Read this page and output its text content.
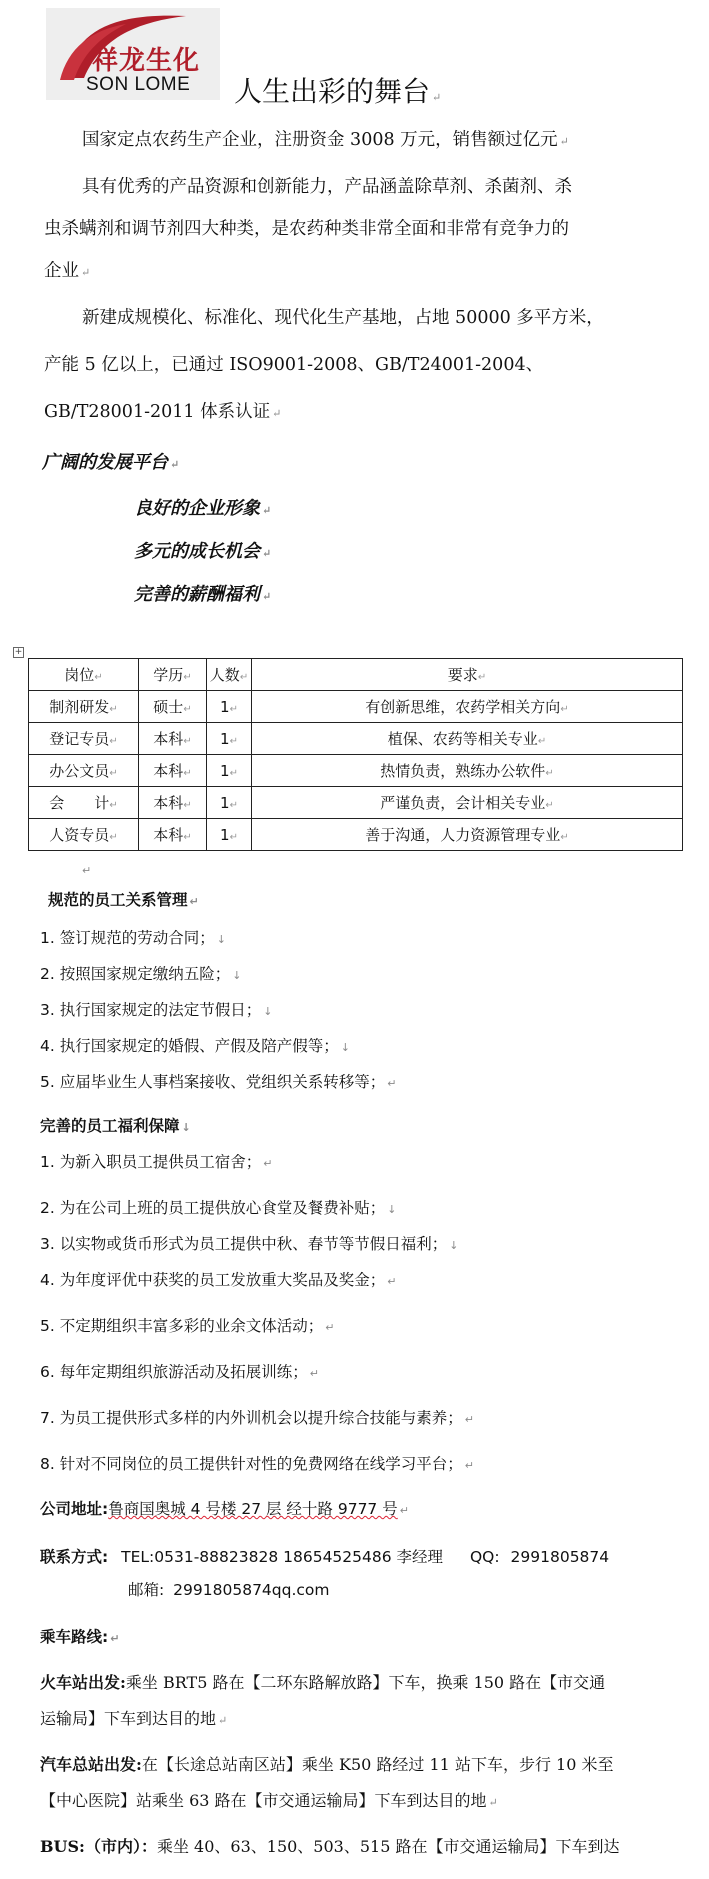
祥龙生化
SON LOME 人生出彩的舞台 ↵
国家定点农药生产企业，注册资金 3008 万元，销售额过亿元 ↵
具有优秀的产品资源和创新能力，产品涵盖除草剂、杀菌剂、杀
虫杀螨剂和调节剂四大种类，是农药种类非常全面和非常有竞争力的
企业 ↵
新建成规模化、标准化、现代化生产基地，占地 50000 多平方米，
产能 5 亿以上，已通过 ISO9001-2008、GB/T24001-2004、
GB/T28001-2011 体系认证 ↵
广阔的发展平台 ↵
良好的企业形象 ↵
多元的成长机会 ↵
完善的薪酬福利 ↵
+
岗位↵	学历↵	人数↵	要求↵
制剂研发↵	硕士↵	1↵	有创新思维，农药学相关方向↵
登记专员↵	本科↵	1↵	植保、农药等相关专业↵
办公文员↵	本科↵	1↵	热情负责，熟练办公软件↵
会　　计↵	本科↵	1↵	严谨负责，会计相关专业↵
人资专员↵	本科↵	1↵	善于沟通，人力资源管理专业↵
↵
规范的员工关系管理 ↵
1. 签订规范的劳动合同； ↓
2. 按照国家规定缴纳五险； ↓
3. 执行国家规定的法定节假日； ↓
4. 执行国家规定的婚假、产假及陪产假等； ↓
5. 应届毕业生人事档案接收、党组织关系转移等； ↵
完善的员工福利保障 ↓
1. 为新入职员工提供员工宿舍； ↵
2. 为在公司上班的员工提供放心食堂及餐费补贴； ↓
3. 以实物或货币形式为员工提供中秋、春节等节假日福利； ↓
4. 为年度评优中获奖的员工发放重大奖品及奖金； ↵
5. 不定期组织丰富多彩的业余文体活动； ↵
6. 每年定期组织旅游活动及拓展训练； ↵
7. 为员工提供形式多样的内外训机会以提升综合技能与素养； ↵
8. 针对不同岗位的员工提供针对性的免费网络在线学习平台； ↵
公司地址:鲁商国奥城 4 号楼 27 层 经十路 9777 号 ↵
联系方式: TEL:0531-88823828 18654525486 李经理 QQ: 2991805874
邮箱: 2991805874qq.com
乘车路线: ↵
火车站出发:乘坐 BRT5 路在【二环东路解放路】下车，换乘 150 路在【市交通
运输局】下车到达目的地 ↵
汽车总站出发:在【长途总站南区站】乘坐 K50 路经过 11 站下车，步行 10 米至
【中心医院】站乘坐 63 路在【市交通运输局】下车到达目的地 ↵
BUS:（市内）：乘坐 40、63、150、503、515 路在【市交通运输局】下车到达
